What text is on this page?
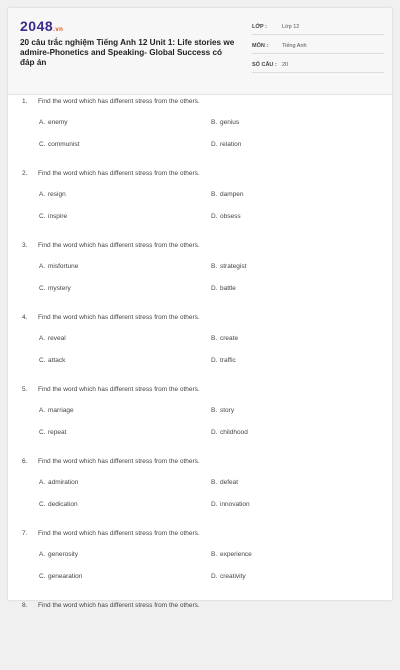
2048.vn
20 câu trắc nghiệm Tiếng Anh 12 Unit 1: Life stories we admire-Phonetics and Speaking- Global Success có đáp án
LỚP :	Lớp 12
MÔN :	Tiếng Anh
SỐ CÂU : 20
1.	Find the word which has different stress from the others.
A. enemy	B. genius
C. communist	D. relation
2.	Find the word which has different stress from the others.
A. resign	B. dampen
C. inspire	D. obsess
3.	Find the word which has different stress from the others.
A. misfortune	B. strategist
C. mystery	D. battle
4.	Find the word which has different stress from the others.
A. reveal	B. create
C. attack	D. traffic
5.	Find the word which has different stress from the others.
A. marriage	B. story
C. repeat	D. childhood
6.	Find the word which has different stress from the others.
A. admiration	B. defeat
C. dedication	D. innovation
7.	Find the word which has different stress from the others.
A. generosity	B. experience
C. genearation	D. creativity
8.	Find the word which has different stress from the others.
